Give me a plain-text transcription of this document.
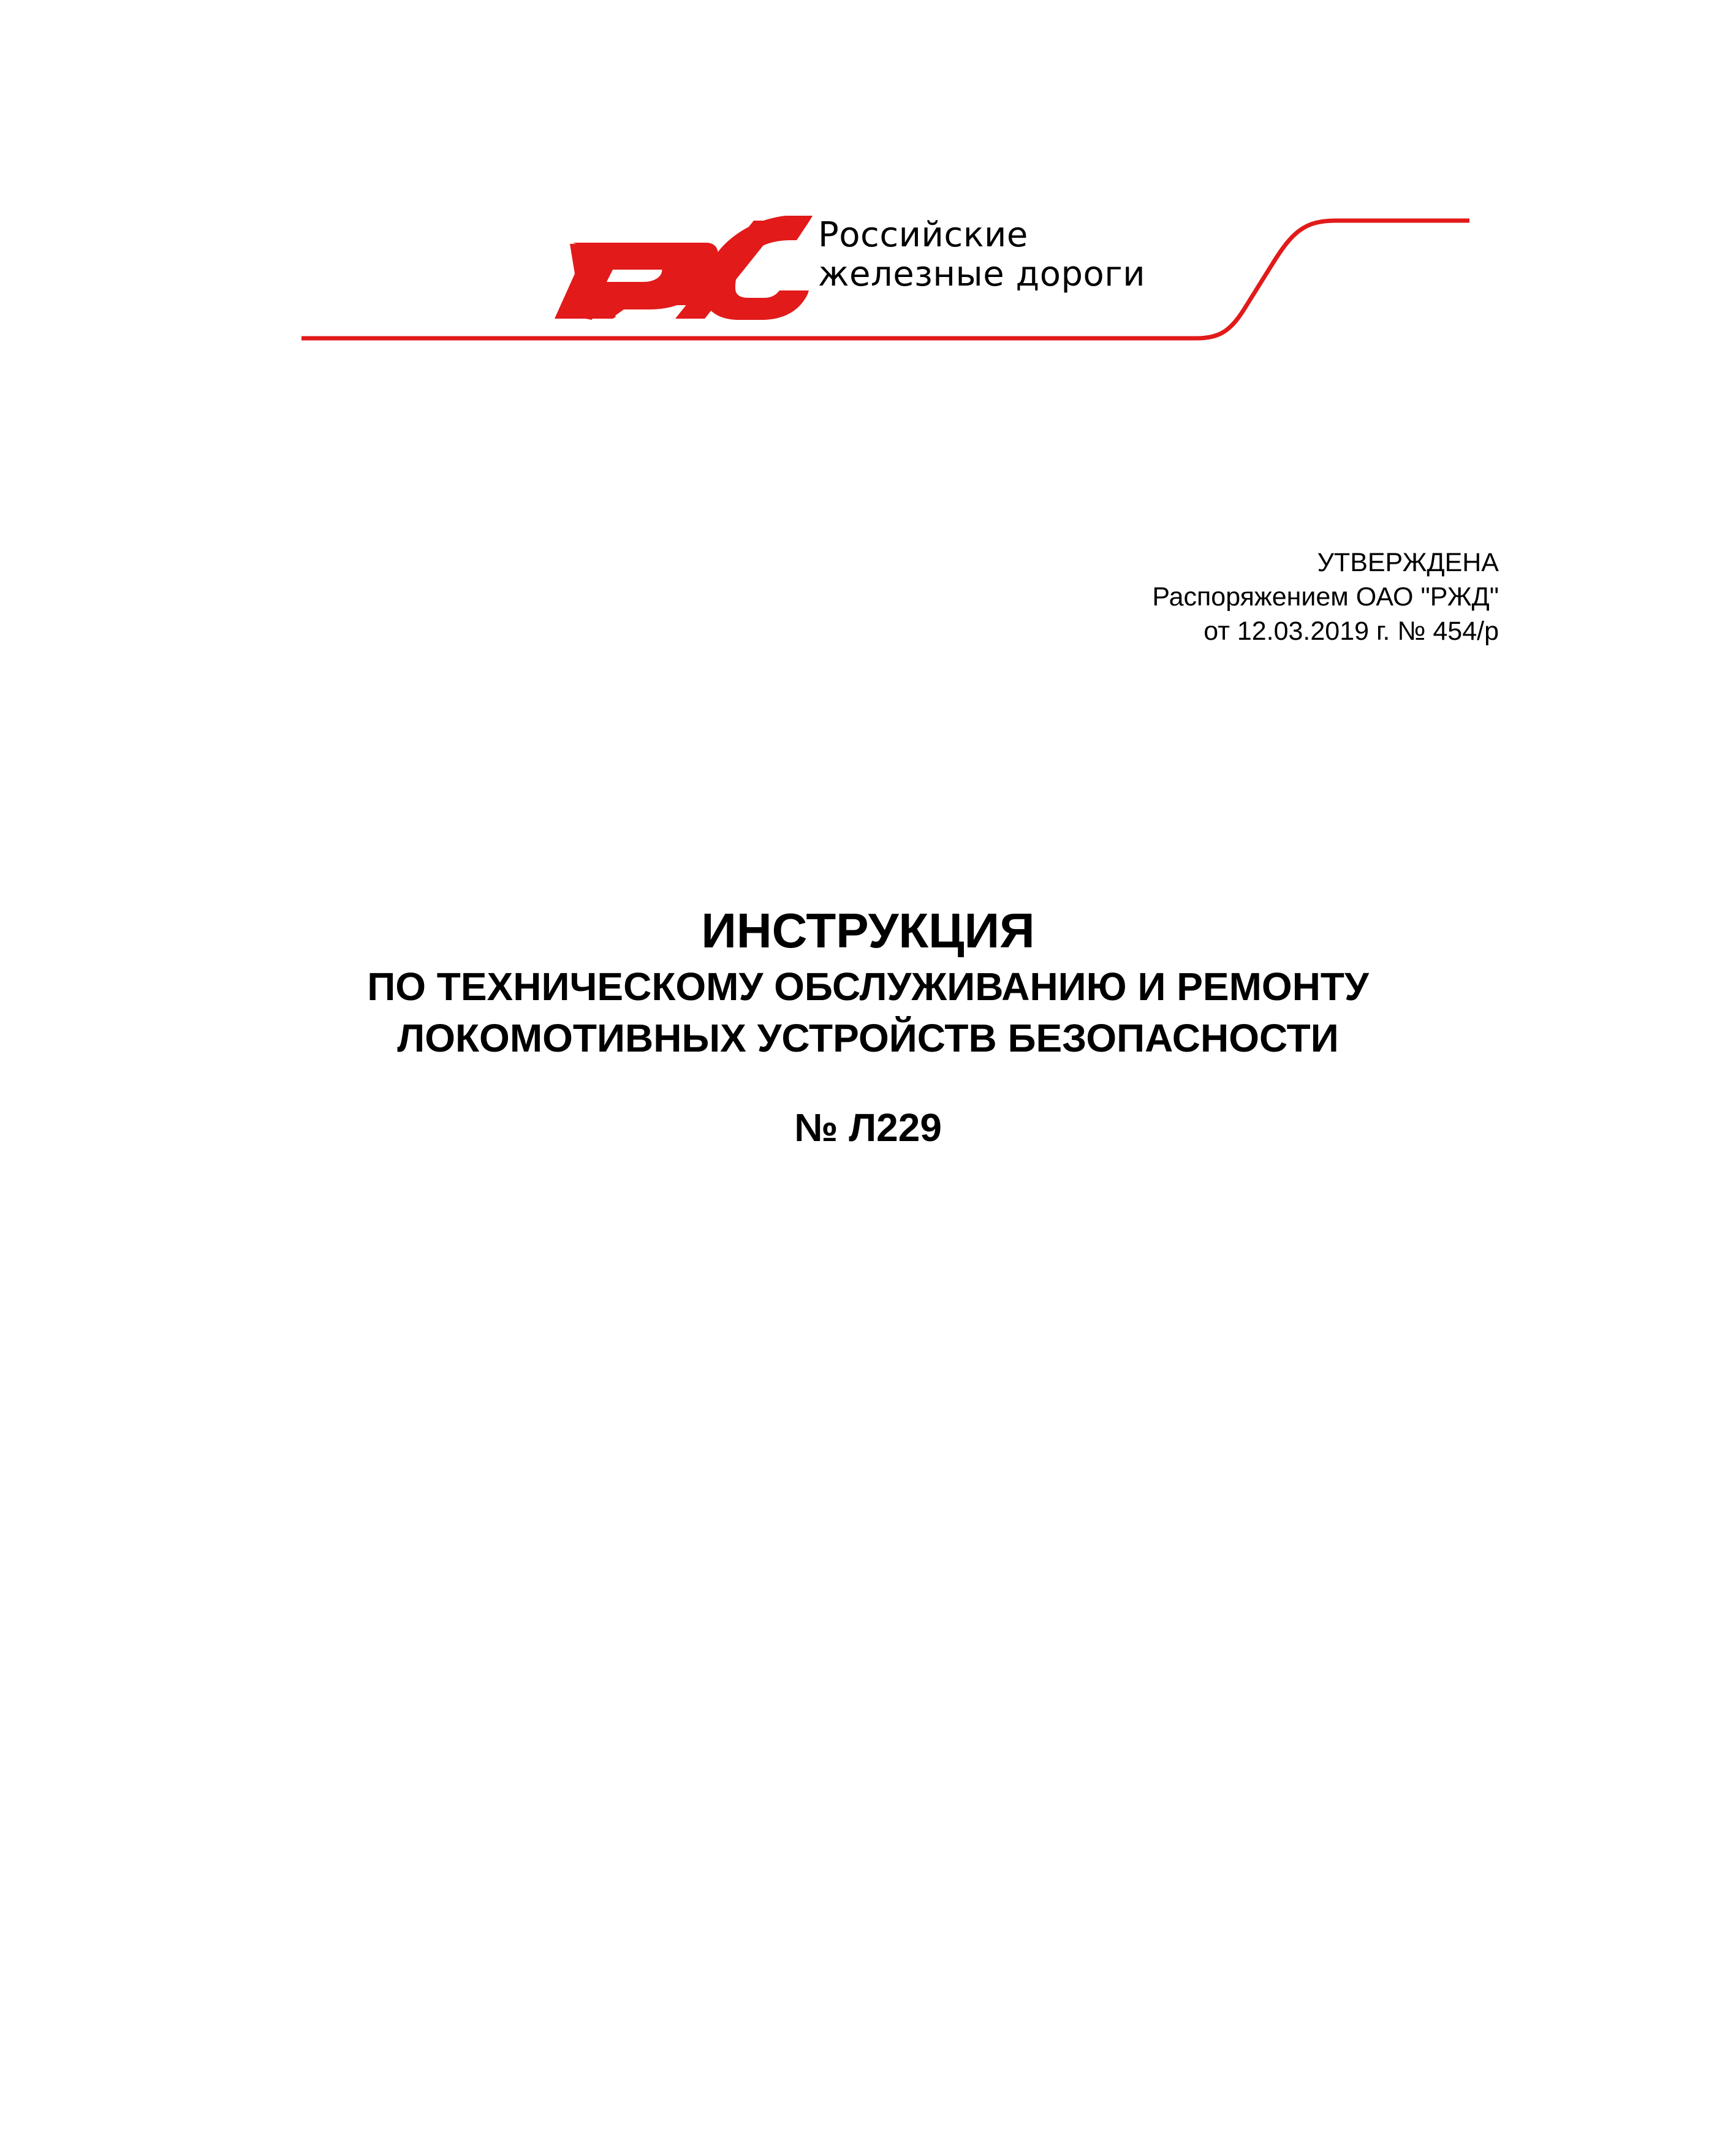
Российские
железные дороги
УТВЕРЖДЕНА
Распоряжением ОАО "РЖД"
от 12.03.2019 г. № 454/р
ИНСТРУКЦИЯ
ПО ТЕХНИЧЕСКОМУ ОБСЛУЖИВАНИЮ И РЕМОНТУ
ЛОКОМОТИВНЫХ УСТРОЙСТВ БЕЗОПАСНОСТИ
№ Л229
